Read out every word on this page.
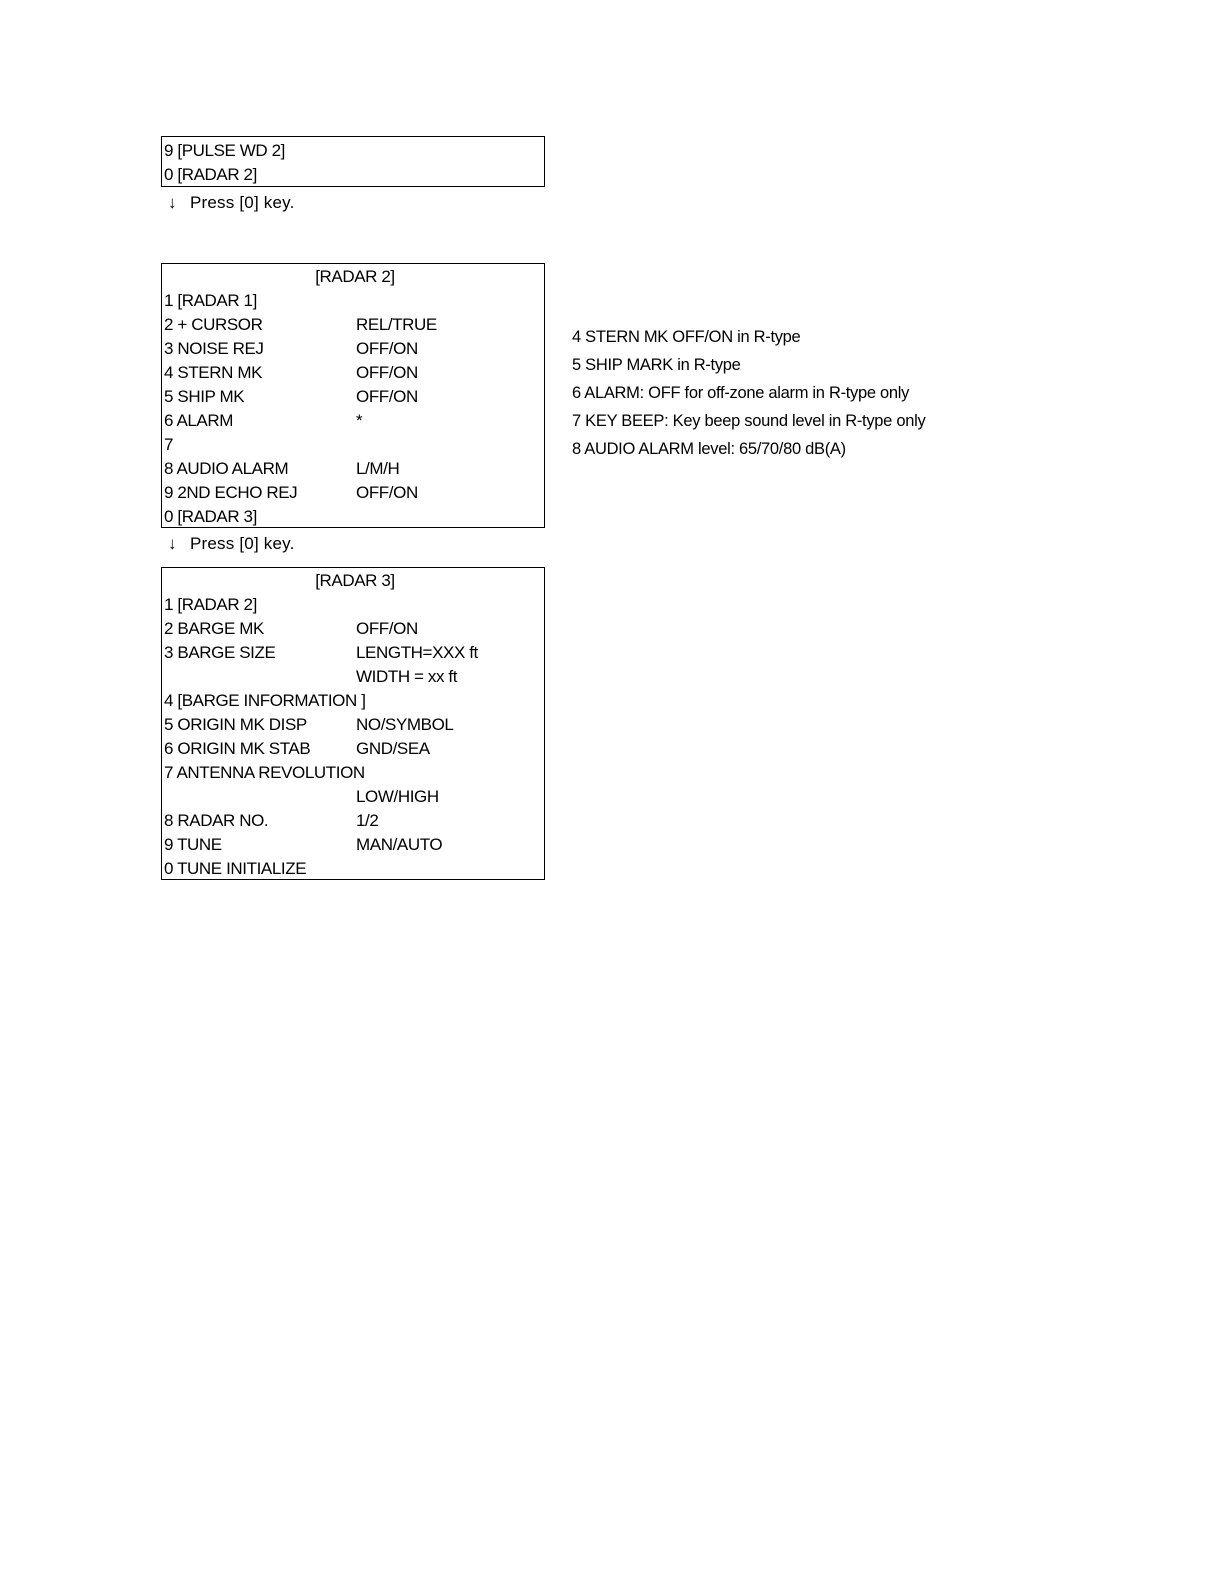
9 [PULSE WD 2]
0 [RADAR 2]
↓ Press [0] key.
[RADAR 2]
1 [RADAR 1]
2 + CURSOR	REL/TRUE
3 NOISE REJ	OFF/ON
4 STERN MK	OFF/ON
5 SHIP MK	OFF/ON
6 ALARM	*
7
8 AUDIO ALARM	L/M/H
9 2ND ECHO REJ	OFF/ON
0 [RADAR 3]
↓ Press [0] key.
[RADAR 3]
1 [RADAR 2]
2 BARGE MK	OFF/ON
3 BARGE SIZE	LENGTH=XXX ft
WIDTH = xx ft
4 [BARGE INFORMATION ]
5 ORIGIN MK DISP	NO/SYMBOL
6 ORIGIN MK STAB	GND/SEA
7 ANTENNA REVOLUTION
LOW/HIGH
8 RADAR NO.	1/2
9 TUNE	MAN/AUTO
0 TUNE INITIALIZE
4 STERN MK OFF/ON in R-type
5 SHIP MARK in R-type
6 ALARM: OFF for off-zone alarm in R-type only
7 KEY BEEP: Key beep sound level in R-type only
8 AUDIO ALARM level: 65/70/80 dB(A)
